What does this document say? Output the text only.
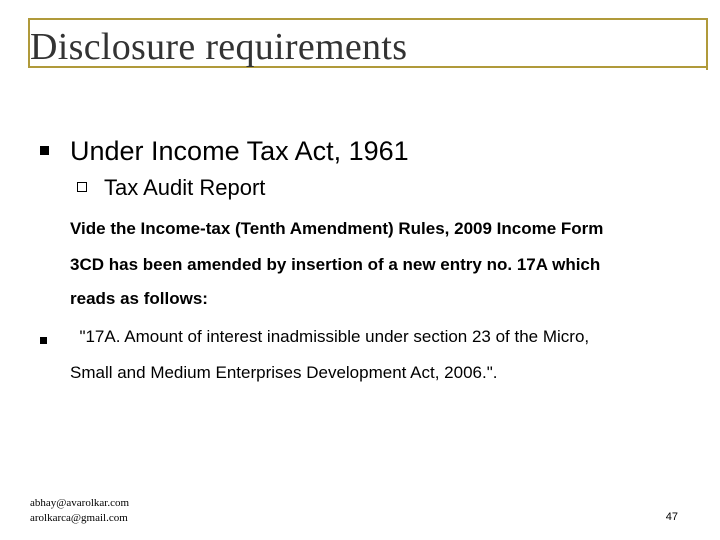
Disclosure requirements
Under Income Tax Act, 1961
Tax Audit Report
Vide the Income-tax (Tenth Amendment) Rules, 2009 Income Form
3CD has been amended by insertion of a new entry no. 17A which
reads as follows:
"17A. Amount of interest inadmissible under section 23 of the Micro,
Small and Medium Enterprises Development Act, 2006.".
abhay@avarolkar.com
arolkarca@gmail.com	47
